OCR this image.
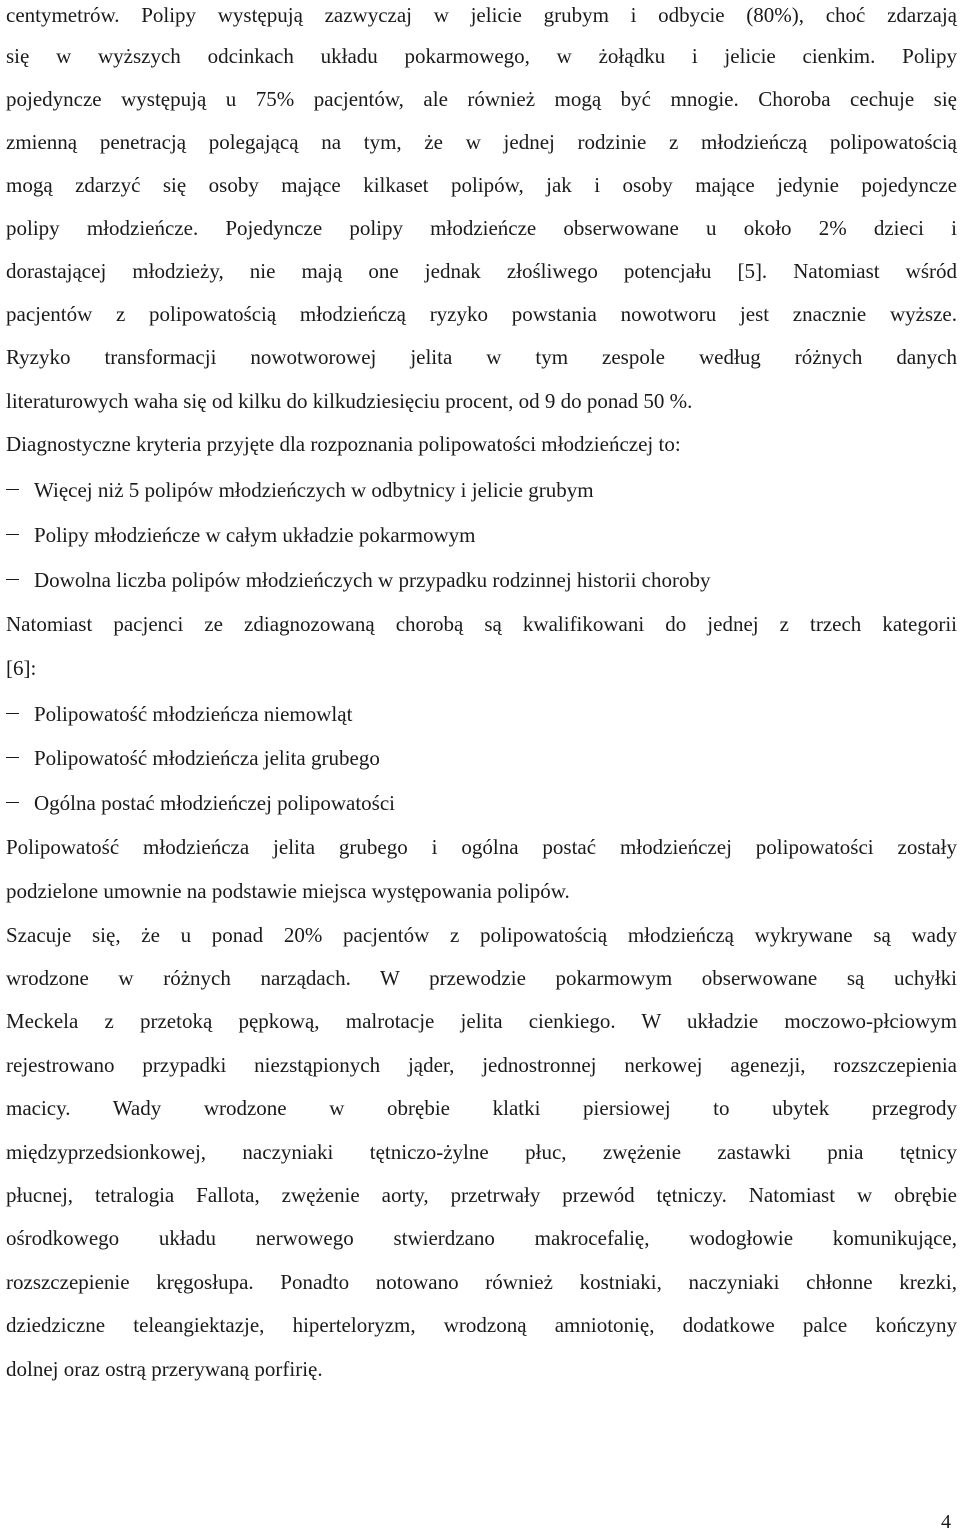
centymetrów. Polipy występują zazwyczaj w jelicie grubym i odbycie (80%), choć zdarzają
się w wyższych odcinkach układu pokarmowego, w żołądku i jelicie cienkim. Polipy
pojedyncze występują u 75% pacjentów, ale również mogą być mnogie. Choroba cechuje się
zmienną penetracją polegającą na tym, że w jednej rodzinie z młodzieńczą polipowatością
mogą zdarzyć się osoby mające kilkaset polipów, jak i osoby mające jedynie pojedyncze
polipy młodzieńcze. Pojedyncze polipy młodzieńcze obserwowane u około 2% dzieci i
dorastającej młodzieży, nie mają one jednak złośliwego potencjału [5]. Natomiast wśród
pacjentów z polipowatością młodzieńczą ryzyko powstania nowotworu jest znacznie wyższe.
Ryzyko transformacji nowotworowej jelita w tym zespole według różnych danych
literaturowych waha się od kilku do kilkudziesięciu procent, od 9 do ponad 50 %.
Diagnostyczne kryteria przyjęte dla rozpoznania polipowatości młodzieńczej to:
Więcej niż 5 polipów młodzieńczych w odbytnicy i jelicie grubym
Polipy młodzieńcze w całym układzie pokarmowym
Dowolna liczba polipów młodzieńczych w przypadku rodzinnej historii choroby
Natomiast pacjenci ze zdiagnozowaną chorobą są kwalifikowani do jednej z trzech kategorii
[6]:
Polipowatość młodzieńcza niemowląt
Polipowatość młodzieńcza jelita grubego
Ogólna postać młodzieńczej polipowatości
Polipowatość młodzieńcza jelita grubego i ogólna postać młodzieńczej polipowatości zostały
podzielone umownie na podstawie miejsca występowania polipów.
Szacuje się, że u ponad 20% pacjentów z polipowatością młodzieńczą wykrywane są wady
wrodzone w różnych narządach. W przewodzie pokarmowym obserwowane są uchyłki
Meckela z przetoką pępkową, malrotacje jelita cienkiego. W układzie moczowo-płciowym
rejestrowano przypadki niezstąpionych jąder, jednostronnej nerkowej agenezji, rozszczepienia
macicy. Wady wrodzone w obrębie klatki piersiowej to ubytek przegrody
międzyprzedsionkowej, naczyniaki tętniczo-żylne płuc, zwężenie zastawki pnia tętnicy
płucnej, tetralogia Fallota, zwężenie aorty, przetrwały przewód tętniczy. Natomiast w obrębie
ośrodkowego układu nerwowego stwierdzano makrocefalię, wodogłowie komunikujące,
rozszczepienie kręgosłupa. Ponadto notowano również kostniaki, naczyniaki chłonne krezki,
dziedziczne teleangiektazje, hiperteloryzm, wrodzoną amniotonię, dodatkowe palce kończyny
dolnej oraz ostrą przerywaną porfirię.
4
